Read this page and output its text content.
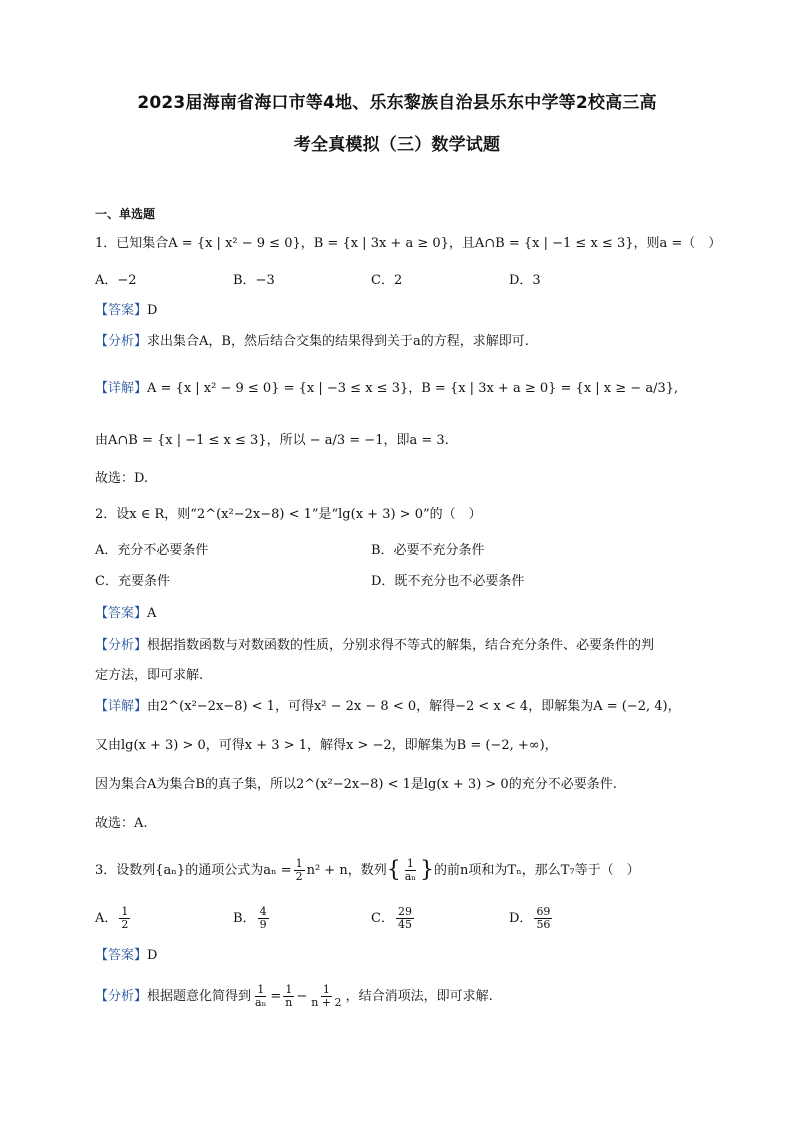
2023届海南省海口市等4地、乐东黎族自治县乐东中学等2校高三高
考全真模拟（三）数学试题
一、单选题
1．已知集合A = {x | x² − 9 ≤ 0}，B = {x | 3x + a ≥ 0}，且A∩B = {x | −1 ≤ x ≤ 3}，则a =（　）
A．−2	B．−3	C．2	D．3
【答案】D
【分析】求出集合A，B，然后结合交集的结果得到关于a的方程，求解即可.
【详解】A = {x | x² − 9 ≤ 0} = {x | −3 ≤ x ≤ 3}，B = {x | 3x + a ≥ 0} = {x | x ≥ − a/3},
由A∩B = {x | −1 ≤ x ≤ 3}，所以 − a/3 = −1，即a = 3.
故选：D.
2．设x ∈ R，则“2^(x²−2x−8) < 1”是“lg(x + 3) > 0”的（　）
A．充分不必要条件	B．必要不充分条件
C．充要条件	D．既不充分也不必要条件
【答案】A
【分析】根据指数函数与对数函数的性质，分别求得不等式的解集，结合充分条件、必要条件的判
定方法，即可求解.
【详解】由2^(x²−2x−8) < 1，可得x² − 2x − 8 < 0，解得−2 < x < 4，即解集为A = (−2, 4)，
又由lg(x + 3) > 0，可得x + 3 > 1，解得x > −2，即解集为B = (−2, +∞)，
因为集合A为集合B的真子集，所以2^(x²−2x−8) < 1是lg(x + 3) > 0的充分不必要条件.
故选：A.
3．设数列{aₙ}的通项公式为$a_n = \frac{1}{2} n^2 + n$，数列{ $\frac{1}{\text{aₙ}}$ }的前n项和为Tₙ，那么T₇等于（　）
A． $\frac{1}{2}$	B． $\frac{4}{9}$	C． $\frac{29}{45}$	D． $\frac{69}{56}$
【答案】D
【分析】根据题意化简得到 $\frac{1}{\text{aₙ}} = \frac{1}{n} - \frac{1}{n + 2}$ ，结合消项法，即可求解.
